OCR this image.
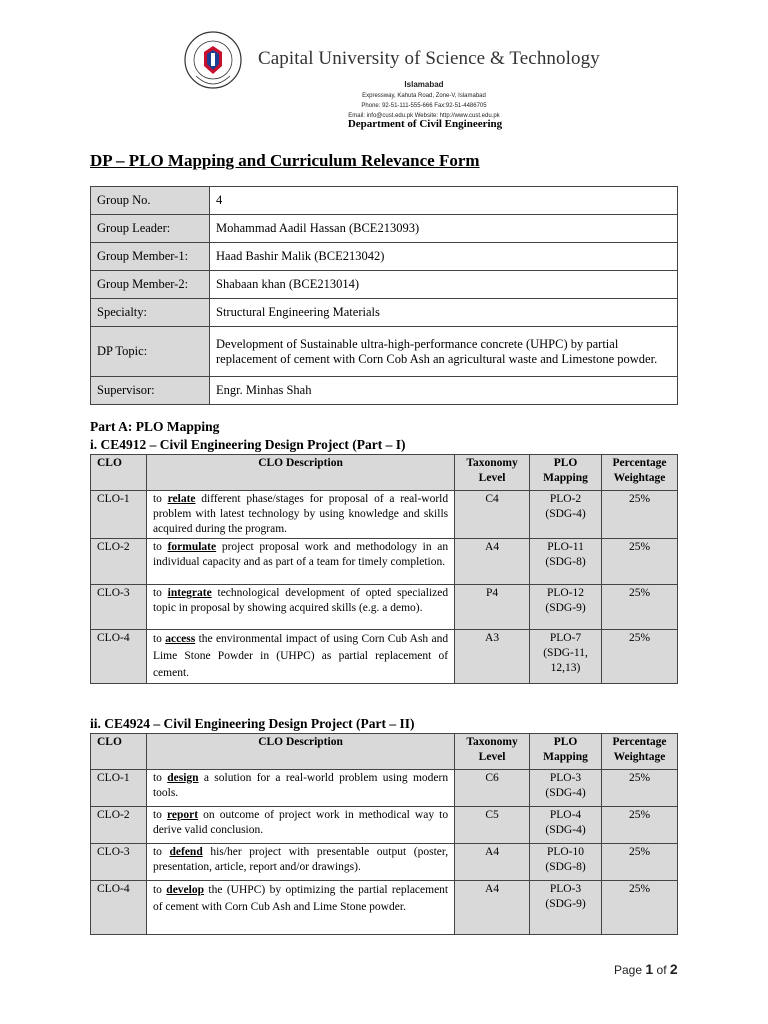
Capital University of Science & Technology
Islamabad
Expressway, Kahuta Road, Zone-V, Islamabad
Phone: 92-51-111-555-666 Fax:92-51-4486705
Email: info@cust.edu.pk Website: http://www.cust.edu.pk
Department of Civil Engineering
DP – PLO Mapping and Curriculum Relevance Form
Group No.	4
Group Leader:	Mohammad Aadil Hassan (BCE213093)
Group Member-1:	Haad Bashir Malik (BCE213042)
Group Member-2:	Shabaan khan (BCE213014)
Specialty:	Structural Engineering Materials
DP Topic:	Development of Sustainable ultra-high-performance concrete (UHPC) by partial replacement of cement with Corn Cob Ash an agricultural waste and Limestone powder.
Supervisor:	Engr. Minhas Shah
Part A: PLO Mapping
i. CE4912 – Civil Engineering Design Project (Part – I)
CLO	CLO Description	Taxonomy Level	PLO Mapping	Percentage Weightage
CLO-1	to relate different phase/stages for proposal of a real-world problem with latest technology by using knowledge and skills acquired during the program.	C4	PLO-2 (SDG-4)	25%
CLO-2	to formulate project proposal work and methodology in an individual capacity and as part of a team for timely completion.	A4	PLO-11 (SDG-8)	25%
CLO-3	to integrate technological development of opted specialized topic in proposal by showing acquired skills (e.g. a demo).	P4	PLO-12 (SDG-9)	25%
CLO-4	to access the environmental impact of using Corn Cub Ash and Lime Stone Powder in (UHPC) as partial replacement of cement.	A3	PLO-7 (SDG-11, 12,13)	25%
ii. CE4924 – Civil Engineering Design Project (Part – II)
CLO	CLO Description	Taxonomy Level	PLO Mapping	Percentage Weightage
CLO-1	to design a solution for a real-world problem using modern tools.	C6	PLO-3 (SDG-4)	25%
CLO-2	to report on outcome of project work in methodical way to derive valid conclusion.	C5	PLO-4 (SDG-4)	25%
CLO-3	to defend his/her project with presentable output (poster, presentation, article, report and/or drawings).	A4	PLO-10 (SDG-8)	25%
CLO-4	to develop the (UHPC) by optimizing the partial replacement of cement with Corn Cub Ash and Lime Stone powder.	A4	PLO-3 (SDG-9)	25%
Page 1 of 2
